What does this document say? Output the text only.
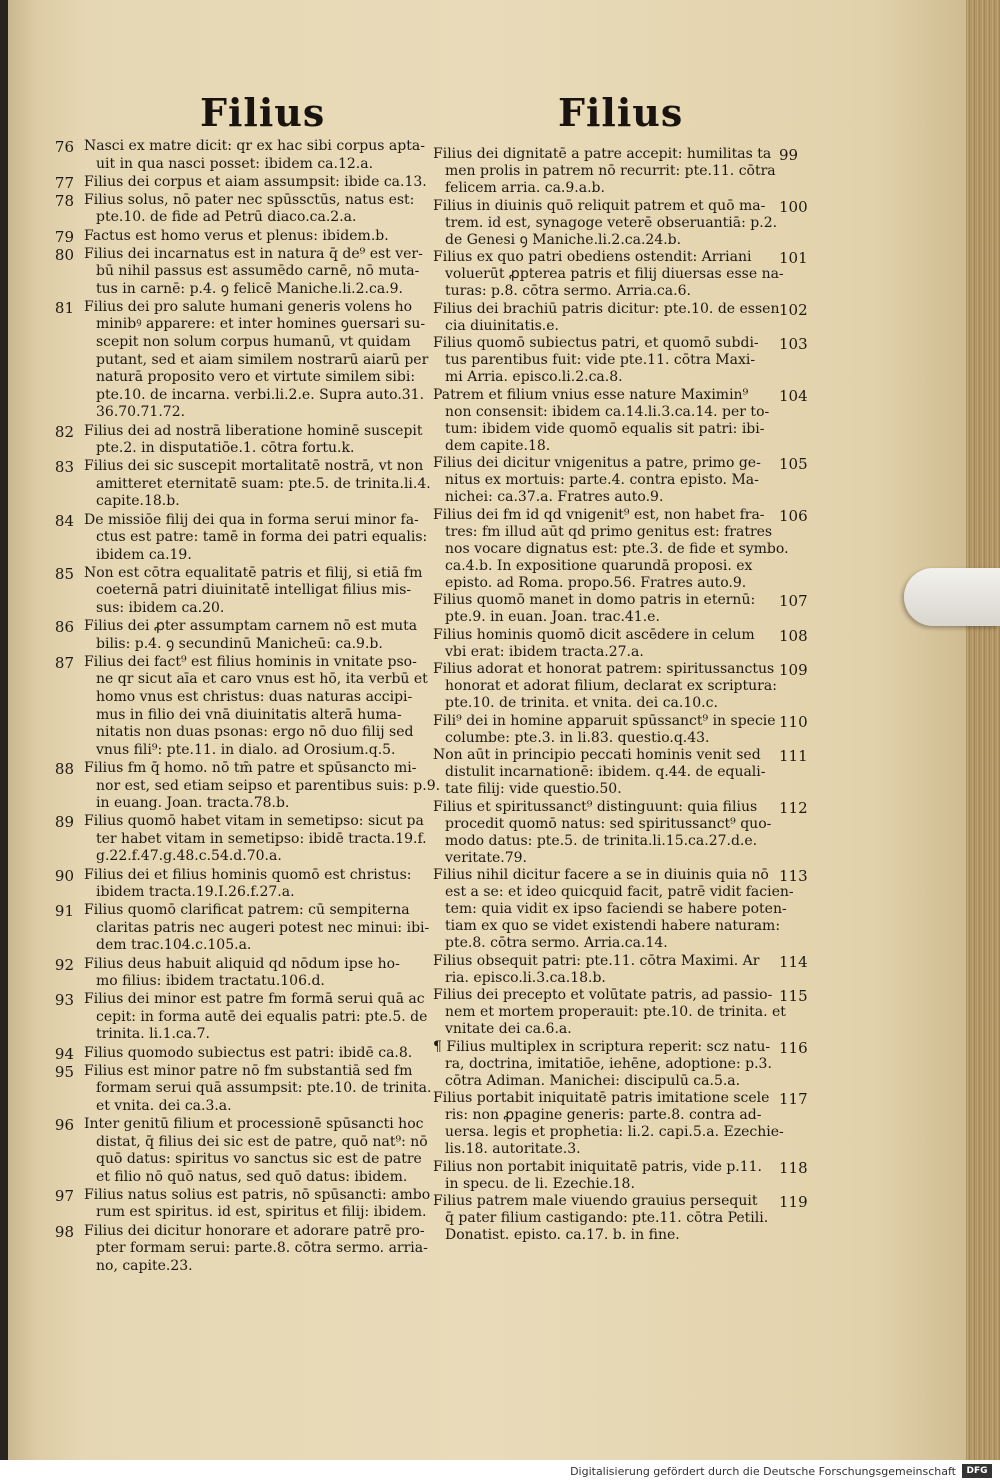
Filius	Filius
76 Nasci ex matre dicit: qr ex hac sibi corpus apta-
uit in qua nasci posset: ibidem ca.12.a.
77 Filius dei corpus et aiam assumpsit: ibide ca.13.
78 Filius solus, nō pater nec spūssctūs, natus est:
pte.10. de fide ad Petrū diaco.ca.2.a.
79 Factus est homo verus et plenus: ibidem.b.
80 Filius dei incarnatus est in natura q̄ de⁹ est ver-
bū nihil passus est assumēdo carnē, nō muta-
tus in carnē: p.4. ꝯ felicē Maniche.li.2.ca.9.
81 Filius dei pro salute humani generis volens ho
minibꝰ apparere: et inter homines ꝯuersari su-
scepit non solum corpus humanū, vt quidam
putant, sed et aiam similem nostrarū aiarū per
naturā proposito vero et virtute similem sibi:
pte.10. de incarna. verbi.li.2.e. Supra auto.31.
36.70.71.72.
82 Filius dei ad nostrā liberatione hominē suscepit
pte.2. in disputatiōe.1. cōtra fortu.k.
83 Filius dei sic suscepit mortalitatē nostrā, vt non
amitteret eternitatē suam: pte.5. de trinita.li.4.
capite.18.b.
84 De missiōe filij dei qua in forma serui minor fa-
ctus est patre: tamē in forma dei patri equalis:
ibidem ca.19.
85 Non est cōtra equalitatē patris et filij, si etiā fm
coeternā patri diuinitatē intelligat filius mis-
sus: ibidem ca.20.
86 Filius dei ꝓter assumptam carnem nō est muta
bilis: p.4. ꝯ secundinū Manicheū: ca.9.b.
87 Filius dei fact⁹ est filius hominis in vnitate pso-
ne qr sicut aīa et caro vnus est hō, ita verbū et
homo vnus est christus: duas naturas accipi-
mus in filio dei vnā diuinitatis alterā huma-
nitatis non duas psonas: ergo nō duo filij sed
vnus fili⁹: pte.11. in dialo. ad Orosium.q.5.
88 Filius fm q̄ homo. nō tm̄ patre et spūsancto mi-
nor est, sed etiam seipso et parentibus suis: p.9.
in euang. Joan. tracta.78.b.
89 Filius quomō habet vitam in semetipso: sicut pa
ter habet vitam in semetipso: ibidē tracta.19.f.
g.22.f.47.g.48.c.54.d.70.a.
90 Filius dei et filius hominis quomō est christus:
ibidem tracta.19.I.26.f.27.a.
91 Filius quomō clarificat patrem: cū sempiterna
claritas patris nec augeri potest nec minui: ibi-
dem trac.104.c.105.a.
92 Filius deus habuit aliquid qd nōdum ipse ho-
mo filius: ibidem tractatu.106.d.
93 Filius dei minor est patre fm formā serui quā ac
cepit: in forma autē dei equalis patri: pte.5. de
trinita. li.1.ca.7.
94 Filius quomodo subiectus est patri: ibidē ca.8.
95 Filius est minor patre nō fm substantiā sed fm
formam serui quā assumpsit: pte.10. de trinita.
et vnita. dei ca.3.a.
96 Inter genitū filium et processionē spūsancti hoc
distat, q̄ filius dei sic est de patre, quō nat⁹: nō
quō datus: spiritus vo sanctus sic est de patre
et filio nō quō natus, sed quō datus: ibidem.
97 Filius natus solius est patris, nō spūsancti: ambo
rum est spiritus. id est, spiritus et filij: ibidem.
98 Filius dei dicitur honorare et adorare patrē pro-
pter formam serui: parte.8. cōtra sermo. arria-
no, capite.23.
99
Filius dei dignitatē a patre accepit: humilitas ta
men prolis in patrem nō recurrit: pte.11. cōtra
felicem arria. ca.9.a.b.
100
Filius in diuinis quō reliquit patrem et quō ma-
trem. id est, synagoge veterē obseruantiā: p.2.
de Genesi ꝯ Maniche.li.2.ca.24.b.
101
Filius ex quo patri obediens ostendit: Arriani
voluerūt ꝓpterea patris et filij diuersas esse na-
turas: p.8. cōtra sermo. Arria.ca.6.
102
Filius dei brachiū patris dicitur: pte.10. de essen
cia diuinitatis.e.
103
Filius quomō subiectus patri, et quomō subdi-
tus parentibus fuit: vide pte.11. cōtra Maxi-
mi Arria. episco.li.2.ca.8.
104
Patrem et filium vnius esse nature Maximin⁹
non consensit: ibidem ca.14.li.3.ca.14. per to-
tum: ibidem vide quomō equalis sit patri: ibi-
dem capite.18.
105
Filius dei dicitur vnigenitus a patre, primo ge-
nitus ex mortuis: parte.4. contra episto. Ma-
nichei: ca.37.a. Fratres auto.9.
106
Filius dei fm id qd vnigenit⁹ est, non habet fra-
tres: fm illud aūt qd primo genitus est: fratres
nos vocare dignatus est: pte.3. de fide et symbo.
ca.4.b. In expositione quarundā proposi. ex
episto. ad Roma. propo.56. Fratres auto.9.
107
Filius quomō manet in domo patris in eternū:
pte.9. in euan. Joan. trac.41.e.
108
Filius hominis quomō dicit ascēdere in celum
vbi erat: ibidem tracta.27.a.
109
Filius adorat et honorat patrem: spiritussanctus
honorat et adorat filium, declarat ex scriptura:
pte.10. de trinita. et vnita. dei ca.10.c.
110
Fili⁹ dei in homine apparuit spūssanct⁹ in specie
columbe: pte.3. in li.83. questio.q.43.
111
Non aūt in principio peccati hominis venit sed
distulit incarnationē: ibidem. q.44. de equali-
tate filij: vide questio.50.
112
Filius et spiritussanct⁹ distinguunt: quia filius
procedit quomō natus: sed spiritussanct⁹ quo-
modo datus: pte.5. de trinita.li.15.ca.27.d.e.
veritate.79.
113
Filius nihil dicitur facere a se in diuinis quia nō
est a se: et ideo quicquid facit, patrē vidit facien-
tem: quia vidit ex ipso faciendi se habere poten-
tiam ex quo se videt existendi habere naturam:
pte.8. cōtra sermo. Arria.ca.14.
114
Filius obsequit patri: pte.11. cōtra Maximi. Ar
ria. episco.li.3.ca.18.b.
115
Filius dei precepto et volūtate patris, ad passio-
nem et mortem properauit: pte.10. de trinita. et
vnitate dei ca.6.a.
116
¶ Filius multiplex in scriptura reperit: scz natu-
ra, doctrina, imitatiōe, iehēne, adoptione: p.3.
cōtra Adiman. Manichei: discipulū ca.5.a.
117
Filius portabit iniquitatē patris imitatione scele
ris: non ꝓpagine generis: parte.8. contra ad-
uersa. legis et prophetia: li.2. capi.5.a. Ezechie-
lis.18. autoritate.3.
118
Filius non portabit iniquitatē patris, vide p.11.
in specu. de li. Ezechie.18.
119
Filius patrem male viuendo grauius persequit
q̄ pater filium castigando: pte.11. cōtra Petili.
Donatist. episto. ca.17. b. in fine.
Digitalisierung gefördert durch die Deutsche Forschungsgemeinschaft	DFG
